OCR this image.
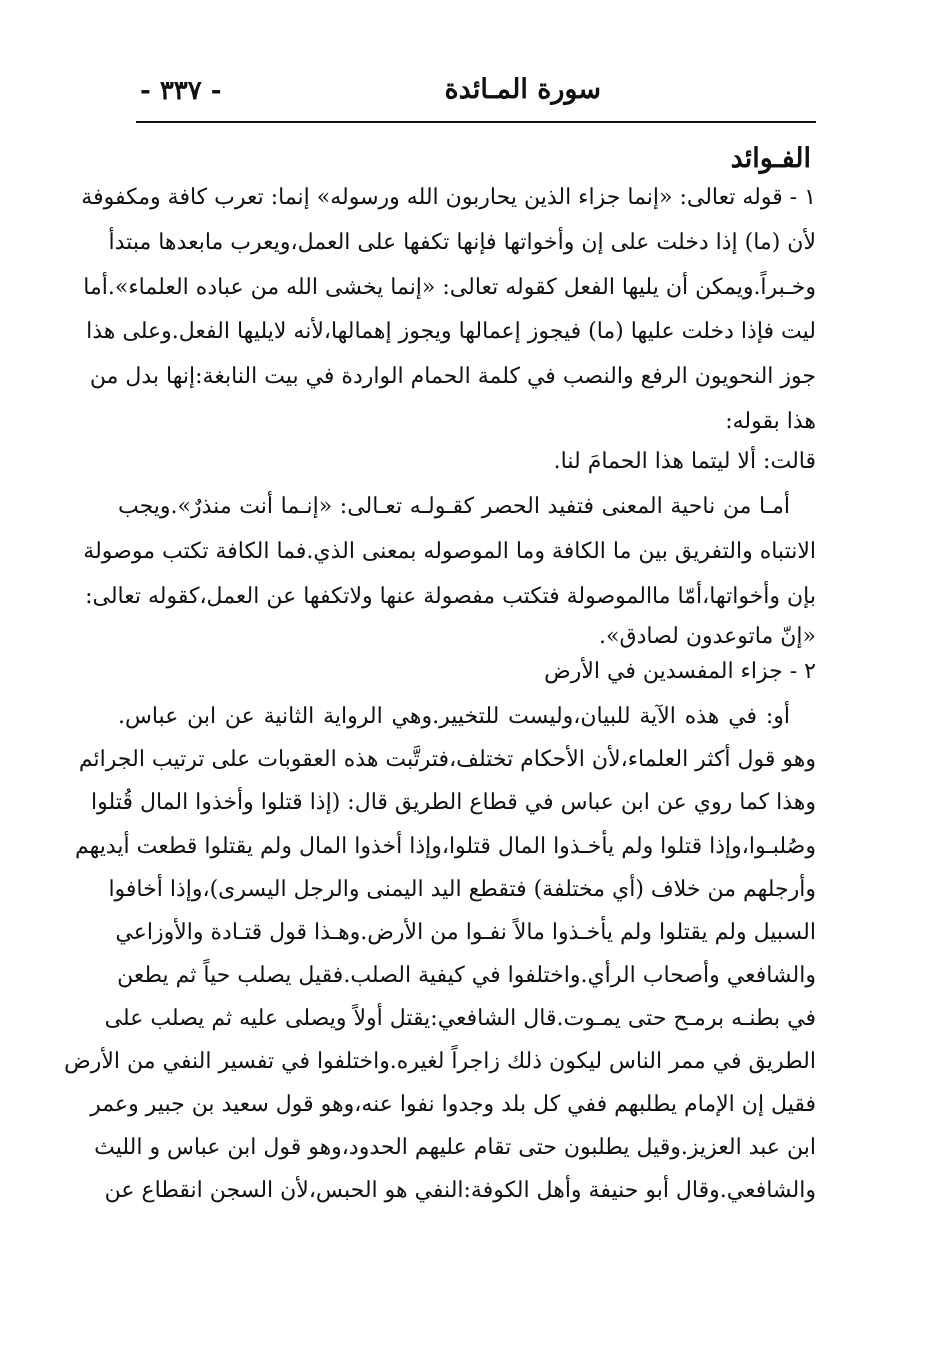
سورة المـائدة
- ٣٣٧ -
الفـوائد
١ - قوله تعالى: «إنما جزاء الذين يحاربون الله ورسوله» إنما: تعرب كافة ومكفوفة
لأن (ما) إذا دخلت على إن وأخواتها فإنها تكفها على العمل،ويعرب مابعدها مبتدأ
وخـبراً.ويمكن أن يليها الفعل كقوله تعالى: «إنما يخشى الله من عباده العلماء».أما
ليت فإذا دخلت عليها (ما) فيجوز إعمالها ويجوز إهمالها،لأنه لايليها الفعل.وعلى هذا
جوز النحويون الرفع والنصب في كلمة الحمام الواردة في بيت النابغة:إنها بدل من
هذا بقوله:
قالت: ألا ليتما هذا الحمامَ لنا.
أمـا من ناحية المعنى فتفيد الحصر كقـولـه تعـالى: «إنـما أنت منذرٌ».ويجب
الانتباه والتفريق بين ما الكافة وما الموصوله بمعنى الذي.فما الكافة تكتب موصولة
بإن وأخواتها،أمّا ماالموصولة فتكتب مفصولة عنها ولاتكفها عن العمل،كقوله تعالى:
«إنّ ماتوعدون لصادق».
٢ - جزاء المفسدين في الأرض
أو: في هذه الآية للبيان،وليست للتخيير.وهي الرواية الثانية عن ابن عباس.
وهو قول أكثر العلماء،لأن الأحكام تختلف،فترتَّبت هذه العقوبات على ترتيب الجرائم
وهذا كما روي عن ابن عباس في قطاع الطريق قال: (إذا قتلوا وأخذوا المال قُتلوا
وصُلبـوا،وإذا قتلوا ولم يأخـذوا المال قتلوا،وإذا أخذوا المال ولم يقتلوا قطعت أيديهم
وأرجلهم من خلاف (أي مختلفة) فتقطع اليد اليمنى والرجل اليسرى)،وإذا أخافوا
السبيل ولم يقتلوا ولم يأخـذوا مالاً نفـوا من الأرض.وهـذا قول قتـادة والأوزاعي
والشافعي وأصحاب الرأي.واختلفوا في كيفية الصلب.فقيل يصلب حياً ثم يطعن
في بطنـه برمـح حتى يمـوت.قال الشافعي:يقتل أولاً ويصلى عليه ثم يصلب على
الطريق في ممر الناس ليكون ذلك زاجراً لغيره.واختلفوا في تفسير النفي من الأرض
فقيل إن الإمام يطلبهم ففي كل بلد وجدوا نفوا عنه،وهو قول سعيد بن جبير وعمر
ابن عبد العزيز.وقيل يطلبون حتى تقام عليهم الحدود،وهو قول ابن عباس و الليث
والشافعي.وقال أبو حنيفة وأهل الكوفة:النفي هو الحبس،لأن السجن انقطاع عن
